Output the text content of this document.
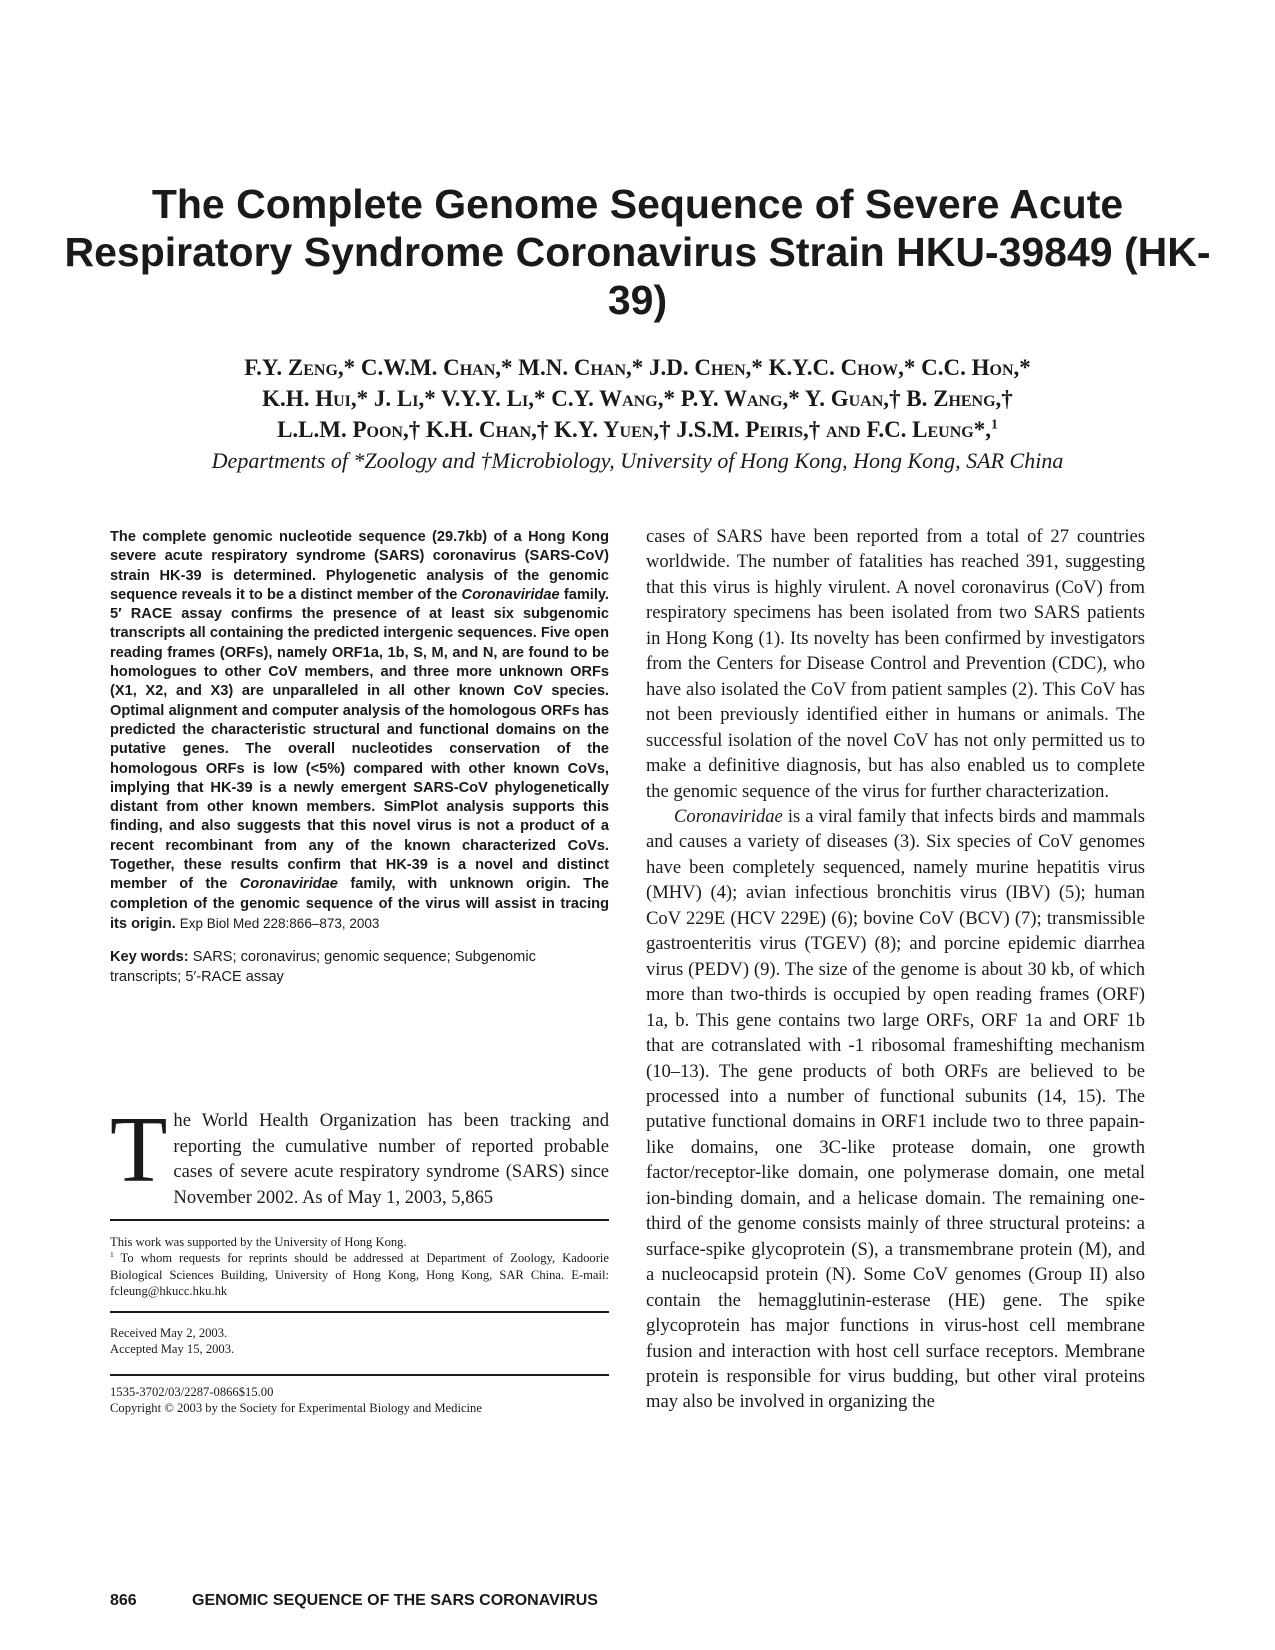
The Complete Genome Sequence of Severe Acute Respiratory Syndrome Coronavirus Strain HKU-39849 (HK-39)
F.Y. Zeng,* C.W.M. Chan,* M.N. Chan,* J.D. Chen,* K.Y.C. Chow,* C.C. Hon,*
K.H. Hui,* J. Li,* V.Y.Y. Li,* C.Y. Wang,* P.Y. Wang,* Y. Guan,† B. Zheng,†
L.L.M. Poon,† K.H. Chan,† K.Y. Yuen,† J.S.M. Peiris,† and F.C. Leung*,$^1$

Departments of *Zoology and †Microbiology, University of Hong Kong, Hong Kong, SAR China

The complete genomic nucleotide sequence (29.7kb) of a Hong Kong severe acute respiratory syndrome (SARS) coronavirus (SARS-CoV) strain HK-39 is determined. Phylogenetic analysis of the genomic sequence reveals it to be a distinct member of the Coronaviridae family. 5′ RACE assay confirms the presence of at least six subgenomic transcripts all containing the predicted intergenic sequences. Five open reading frames (ORFs), namely ORF1a, 1b, S, M, and N, are found to be homologues to other CoV members, and three more unknown ORFs (X1, X2, and X3) are unparalleled in all other known CoV species. Optimal alignment and computer analysis of the homologous ORFs has predicted the characteristic structural and functional domains on the putative genes. The overall nucleotides conservation of the homologous ORFs is low (<5%) compared with other known CoVs, implying that HK-39 is a newly emergent SARS-CoV phylogenetically distant from other known members. SimPlot analysis supports this finding, and also suggests that this novel virus is not a product of a recent recombinant from any of the known characterized CoVs. Together, these results confirm that HK-39 is a novel and distinct member of the Coronaviridae family, with unknown origin. The completion of the genomic sequence of the virus will assist in tracing its origin. Exp Biol Med 228:866–873, 2003

Key words: SARS; coronavirus; genomic sequence; Subgenomic transcripts; 5′-RACE assay

The World Health Organization has been tracking and reporting the cumulative number of reported probable cases of severe acute respiratory syndrome (SARS) since November 2002. As of May 1, 2003, 5,865

This work was supported by the University of Hong Kong.

$^1$ To whom requests for reprints should be addressed at Department of Zoology, Kadoorie Biological Sciences Building, University of Hong Kong, Hong Kong, SAR China. E-mail: fcleung@hkucc.hku.hk

Received May 2, 2003.

Accepted May 15, 2003.

1535-3702/03/2287-0866$15.00

Copyright © 2003 by the Society for Experimental Biology and Medicine

cases of SARS have been reported from a total of 27 countries worldwide. The number of fatalities has reached 391, suggesting that this virus is highly virulent. A novel coronavirus (CoV) from respiratory specimens has been isolated from two SARS patients in Hong Kong (1). Its novelty has been confirmed by investigators from the Centers for Disease Control and Prevention (CDC), who have also isolated the CoV from patient samples (2). This CoV has not been previously identified either in humans or animals. The successful isolation of the novel CoV has not only permitted us to make a definitive diagnosis, but has also enabled us to complete the genomic sequence of the virus for further characterization.

Coronaviridae is a viral family that infects birds and mammals and causes a variety of diseases (3). Six species of CoV genomes have been completely sequenced, namely murine hepatitis virus (MHV) (4); avian infectious bronchitis virus (IBV) (5); human CoV 229E (HCV 229E) (6); bovine CoV (BCV) (7); transmissible gastroenteritis virus (TGEV) (8); and porcine epidemic diarrhea virus (PEDV) (9). The size of the genome is about 30 kb, of which more than two-thirds is occupied by open reading frames (ORF) 1a, b. This gene contains two large ORFs, ORF 1a and ORF 1b that are cotranslated with -1 ribosomal frameshifting mechanism (10–13). The gene products of both ORFs are believed to be processed into a number of functional subunits (14, 15). The putative functional domains in ORF1 include two to three papain-like domains, one 3C-like protease domain, one growth factor/receptor-like domain, one polymerase domain, one metal ion-binding domain, and a helicase domain. The remaining one-third of the genome consists mainly of three structural proteins: a surface-spike glycoprotein (S), a transmembrane protein (M), and a nucleocapsid protein (N). Some CoV genomes (Group II) also contain the hemagglutinin-esterase (HE) gene. The spike glycoprotein has major functions in virus-host cell membrane fusion and interaction with host cell surface receptors. Membrane protein is responsible for virus budding, but other viral proteins may also be involved in organizing the

866	GENOMIC SEQUENCE OF THE SARS CORONAVIRUS
